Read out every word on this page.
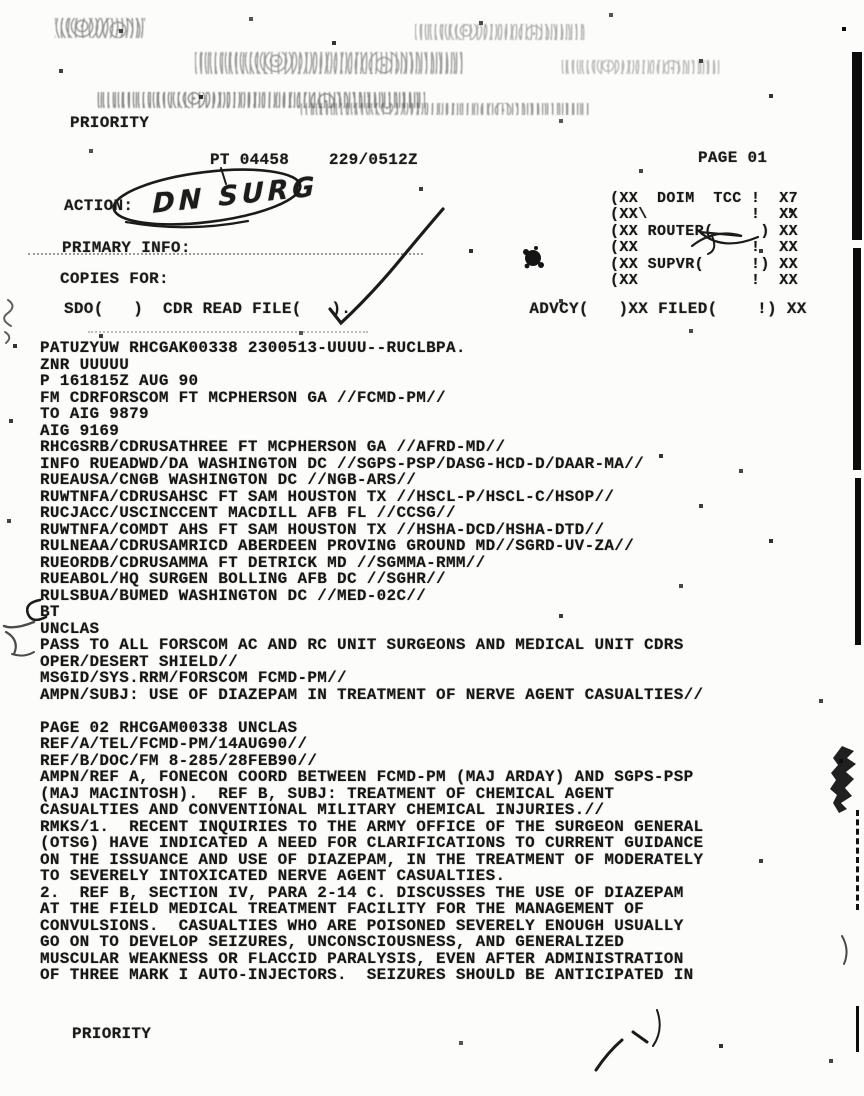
PRIORITY
PT 04458    229/0512Z	PAGE 01
ACTION:
PRIMARY INFO:
COPIES FOR:
SDO(   )  CDR READ FILE(   ).                  ADVCY(   )XX FILED(    !) XX
(XX  DOIM  TCC !  X7
(XX\           !  XX
(XX ROUTER(     ) XX
(XX            !  XX
(XX SUPVR(     !) XX
(XX            !  XX
PATUZYUW RHCGAK00338 2300513-UUUU--RUCLBPA.
ZNR UUUUU
P 161815Z AUG 90
FM CDRFORSCOM FT MCPHERSON GA //FCMD-PM//
TO AIG 9879
AIG 9169
RHCGSRB/CDRUSATHREE FT MCPHERSON GA //AFRD-MD//
INFO RUEADWD/DA WASHINGTON DC //SGPS-PSP/DASG-HCD-D/DAAR-MA//
RUEAUSA/CNGB WASHINGTON DC //NGB-ARS//
RUWTNFA/CDRUSAHSC FT SAM HOUSTON TX //HSCL-P/HSCL-C/HSOP//
RUCJACC/USCINCCENT MACDILL AFB FL //CCSG//
RUWTNFA/COMDT AHS FT SAM HOUSTON TX //HSHA-DCD/HSHA-DTD//
RULNEAA/CDRUSAMRICD ABERDEEN PROVING GROUND MD//SGRD-UV-ZA//
RUEORDB/CDRUSAMMA FT DETRICK MD //SGMMA-RMM//
RUEABOL/HQ SURGEN BOLLING AFB DC //SGHR//
RULSBUA/BUMED WASHINGTON DC //MED-02C//
BT
UNCLAS
PASS TO ALL FORSCOM AC AND RC UNIT SURGEONS AND MEDICAL UNIT CDRS
OPER/DESERT SHIELD//
MSGID/SYS.RRM/FORSCOM FCMD-PM//
AMPN/SUBJ: USE OF DIAZEPAM IN TREATMENT OF NERVE AGENT CASUALTIES//
PAGE 02 RHCGAM00338 UNCLAS
REF/A/TEL/FCMD-PM/14AUG90//
REF/B/DOC/FM 8-285/28FEB90//
AMPN/REF A, FONECON COORD BETWEEN FCMD-PM (MAJ ARDAY) AND SGPS-PSP
(MAJ MACINTOSH).  REF B, SUBJ: TREATMENT OF CHEMICAL AGENT
CASUALTIES AND CONVENTIONAL MILITARY CHEMICAL INJURIES.//
RMKS/1.  RECENT INQUIRIES TO THE ARMY OFFICE OF THE SURGEON GENERAL
(OTSG) HAVE INDICATED A NEED FOR CLARIFICATIONS TO CURRENT GUIDANCE
ON THE ISSUANCE AND USE OF DIAZEPAM, IN THE TREATMENT OF MODERATELY
TO SEVERELY INTOXICATED NERVE AGENT CASUALTIES.
2.  REF B, SECTION IV, PARA 2-14 C. DISCUSSES THE USE OF DIAZEPAM
AT THE FIELD MEDICAL TREATMENT FACILITY FOR THE MANAGEMENT OF
CONVULSIONS.  CASUALTIES WHO ARE POISONED SEVERELY ENOUGH USUALLY
GO ON TO DEVELOP SEIZURES, UNCONSCIOUSNESS, AND GENERALIZED
MUSCULAR WEAKNESS OR FLACCID PARALYSIS, EVEN AFTER ADMINISTRATION
OF THREE MARK I AUTO-INJECTORS.  SEIZURES SHOULD BE ANTICIPATED IN
PRIORITY
DN SURG
